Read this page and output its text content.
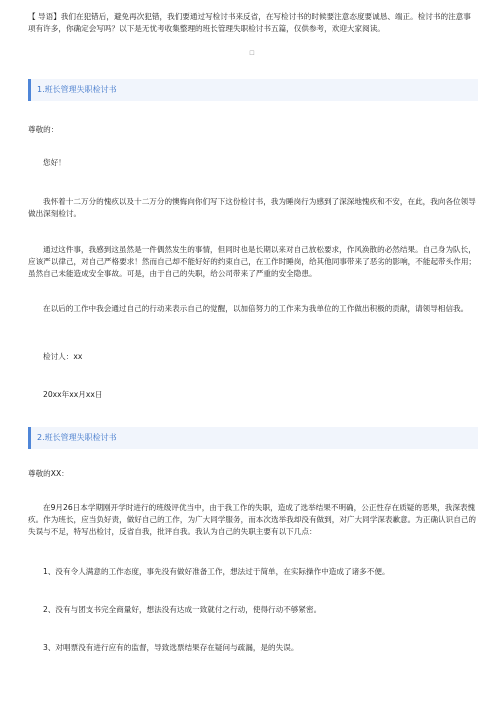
【 导语】我们在犯错后，避免再次犯错，我们要通过写检讨书来反省，在写检讨书的时候要注意态度要诚恳、端正。检讨书的注意事项有许多，你确定会写吗？以下是无忧考收集整理的班长管理失职检讨书五篇，仅供参考，欢迎大家阅读。

☐
1.班长管理失职检讨书

尊敬的：

您好！

我怀着十二万分的愧疚以及十二万分的懊悔向你们写下这份检讨书，我为睡岗行为感到了深深地愧疚和不安，在此，我向各位领导做出深刻检讨。

通过这件事，我感到这虽然是一件偶然发生的事情，但同时也是长期以来对自己放松要求，作风涣散的必然结果。自己身为队长，应该严以律己，对自己严格要求！然而自己却不能好好的约束自己，在工作时睡岗，给其他同事带来了恶劣的影响，不能起带头作用；虽然自己未能造成安全事故。可是，由于自己的失职，给公司带来了严重的安全隐患。

在以后的工作中我会通过自己的行动来表示自己的觉醒，以加倍努力的工作来为我单位的工作做出积极的贡献，请领导相信我。

检讨人：xx

20xx年xx月xx日

2.班长管理失职检讨书

尊敬的XX：

在9月26日本学期刚开学时进行的班级评优当中，由于我工作的失职，造成了选举结果不明确，公正性存在质疑的恶果，我深表愧疚。作为班长，应当负好责，做好自己的工作，为广大同学服务，而本次选举我却没有做到，对广大同学深表歉意。为正确认识自己的失误与不足，特写出检讨，反省自我，批评自我。我认为自己的失职主要有以下几点：

1、没有令人满意的工作态度，事先没有做好准备工作，想法过于简单，在实际操作中造成了诸多不便。

2、没有与团支书完全商量好，想法没有达成一致就付之行动，使得行动不够紧密。

3、对唱票没有进行应有的监督，导致选票结果存在疑问与疏漏，是的失误。
